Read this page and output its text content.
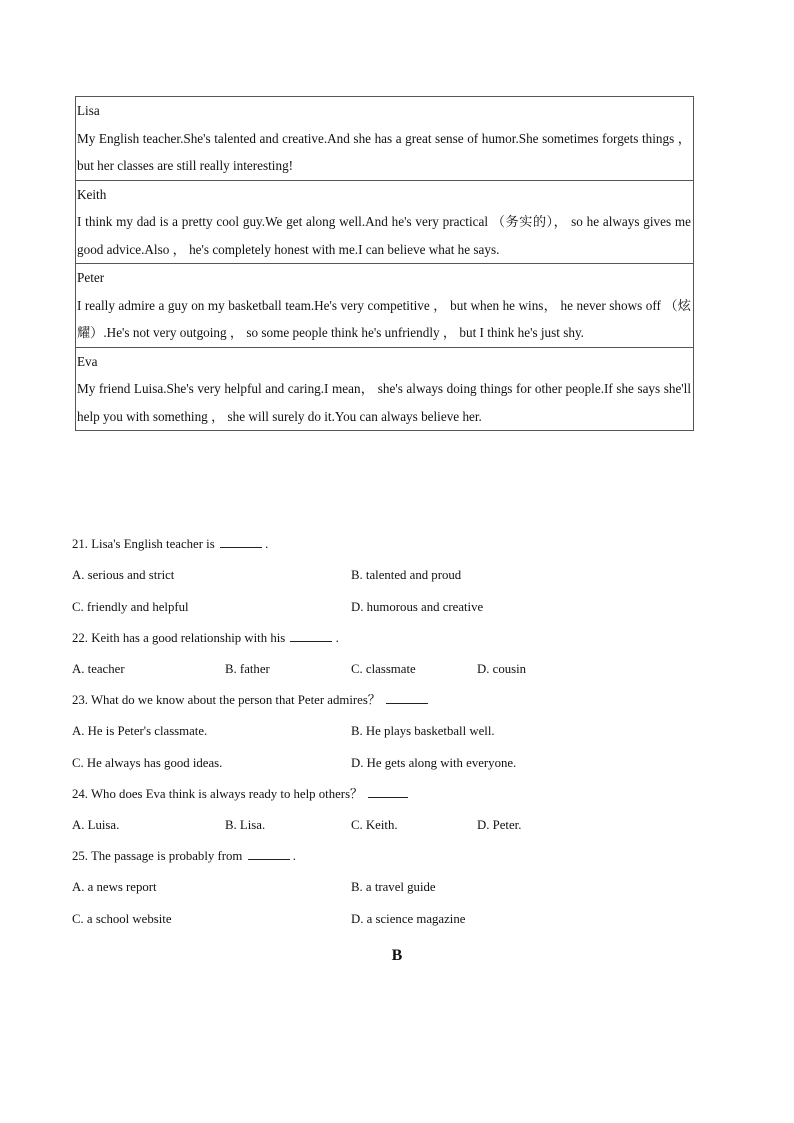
Lisa
My English teacher.She's talented and creative.And she has a great sense of humor.She sometimes forgets things ， but her classes are still really interesting!
Keith
I think my dad is a pretty cool guy.We get along well.And he's very practical （务实的）， so he always gives me good advice.Also ， he's completely honest with me.I can believe what he says.
Peter
I really admire a guy on my basketball team.He's very competitive ， but when he wins， he never shows off （炫耀）.He's not very outgoing ， so some people think he's unfriendly ， but I think he's just shy.
Eva
My friend Luisa.She's very helpful and caring.I mean， she's always doing things for other people.If she says she'll help you with something ， she will surely do it.You can always believe her.
21. Lisa's English teacher is	.
A. serious and strict	B. talented and proud
C. friendly and helpful	D. humorous and creative
22. Keith has a good relationship with his	.
A. teacher	B. father	C. classmate	D. cousin
23. What do we know about the person that Peter admires？
A. He is Peter's classmate.	B. He plays basketball well.
C. He always has good ideas.	D. He gets along with everyone.
24. Who does Eva think is always ready to help others？
A. Luisa.	B. Lisa.	C. Keith.	D. Peter.
25. The passage is probably from	.
A. a news report	B. a travel guide
C. a school website	D. a science magazine
B
